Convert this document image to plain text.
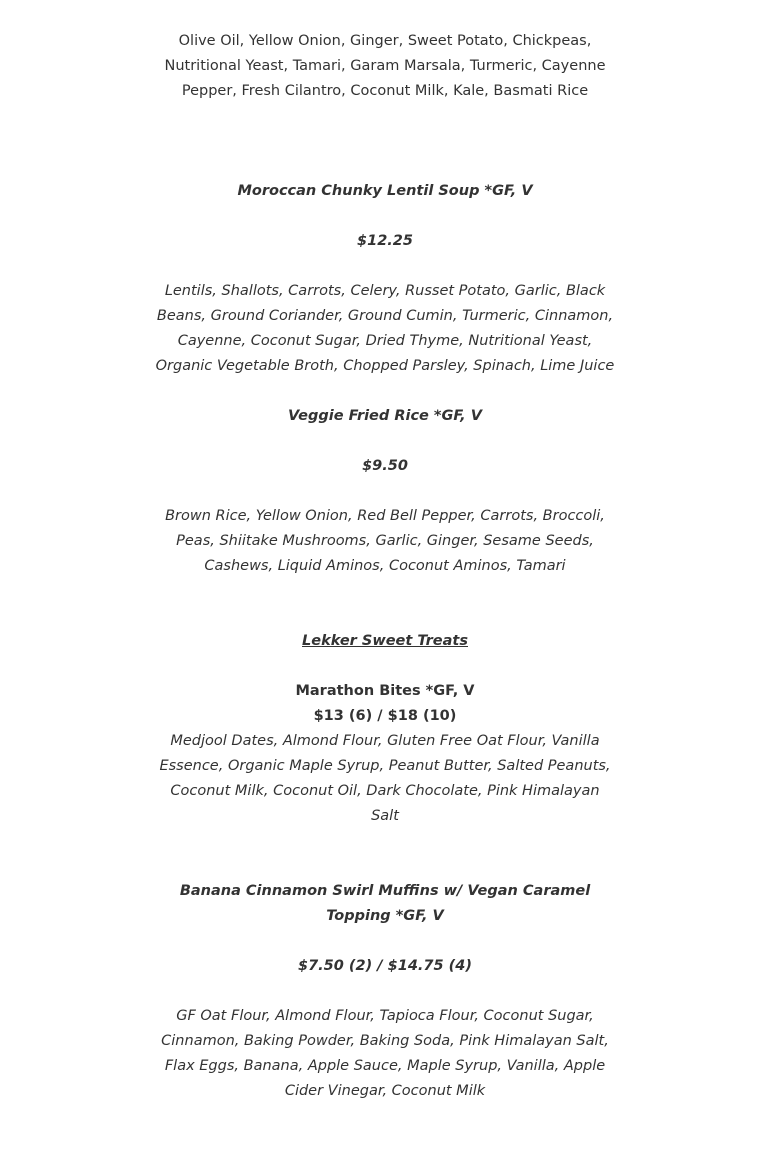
Olive Oil, Yellow Onion, Ginger, Sweet Potato, Chickpeas, Nutritional Yeast, Tamari, Garam Marsala, Turmeric, Cayenne Pepper, Fresh Cilantro, Coconut Milk, Kale, Basmati Rice

Moroccan Chunky Lentil Soup *GF, V

$12.25

Lentils, Shallots, Carrots, Celery, Russet Potato, Garlic, Black Beans, Ground Coriander, Ground Cumin, Turmeric, Cinnamon, Cayenne, Coconut Sugar, Dried Thyme, Nutritional Yeast, Organic Vegetable Broth, Chopped Parsley, Spinach, Lime Juice

Veggie Fried Rice *GF, V

$9.50

Brown Rice, Yellow Onion, Red Bell Pepper, Carrots, Broccoli, Peas, Shiitake Mushrooms, Garlic, Ginger, Sesame Seeds, Cashews, Liquid Aminos, Coconut Aminos, Tamari

Lekker Sweet Treats

Marathon Bites *GF, V

$13 (6) / $18 (10)

Medjool Dates, Almond Flour, Gluten Free Oat Flour, Vanilla Essence, Organic Maple Syrup, Peanut Butter, Salted Peanuts, Coconut Milk, Coconut Oil, Dark Chocolate, Pink Himalayan Salt

Banana Cinnamon Swirl Muffins w/ Vegan Caramel Topping *GF, V

$7.50 (2) / $14.75 (4)

GF Oat Flour, Almond Flour, Tapioca Flour, Coconut Sugar, Cinnamon, Baking Powder, Baking Soda, Pink Himalayan Salt, Flax Eggs, Banana, Apple Sauce, Maple Syrup, Vanilla, Apple Cider Vinegar, Coconut Milk
